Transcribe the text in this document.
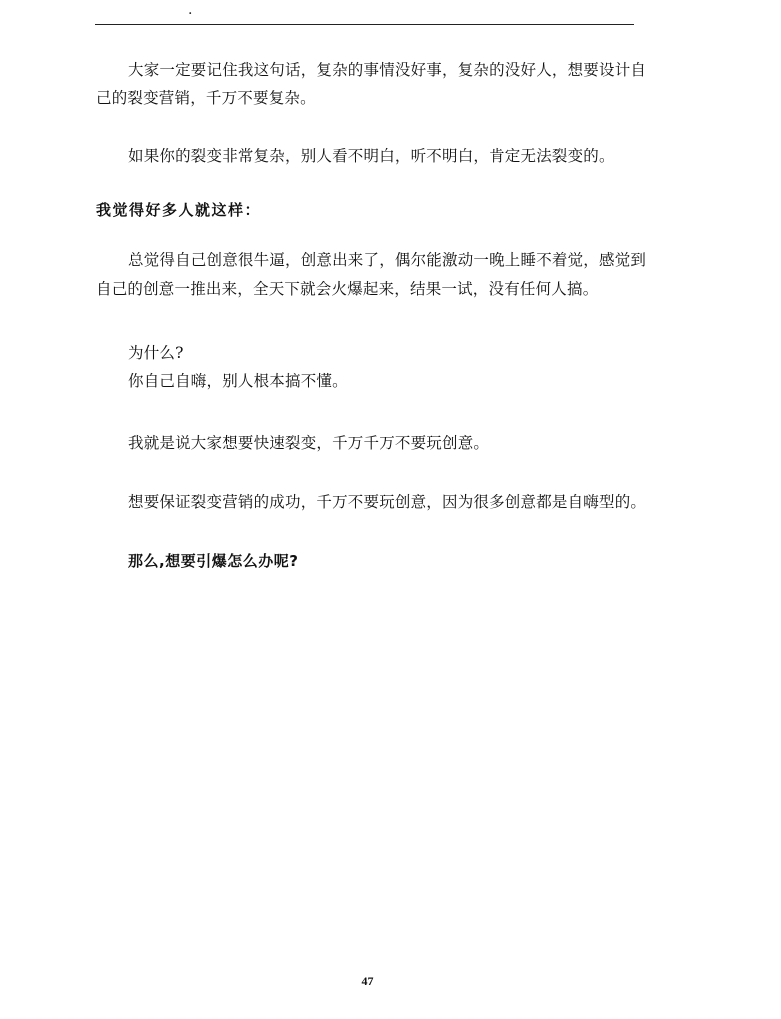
.
大家一定要记住我这句话，复杂的事情没好事，复杂的没好人，想要设计自
己的裂变营销，千万不要复杂。
如果你的裂变非常复杂，别人看不明白，听不明白，肯定无法裂变的。
我觉得好多人就这样：
总觉得自己创意很牛逼，创意出来了，偶尔能激动一晚上睡不着觉，感觉到
自己的创意一推出来，全天下就会火爆起来，结果一试，没有任何人搞。
为什么?
你自己自嗨，别人根本搞不懂。
我就是说大家想要快速裂变，千万千万不要玩创意。
想要保证裂变营销的成功，千万不要玩创意，因为很多创意都是自嗨型的。
那么,想要引爆怎么办呢?
47
